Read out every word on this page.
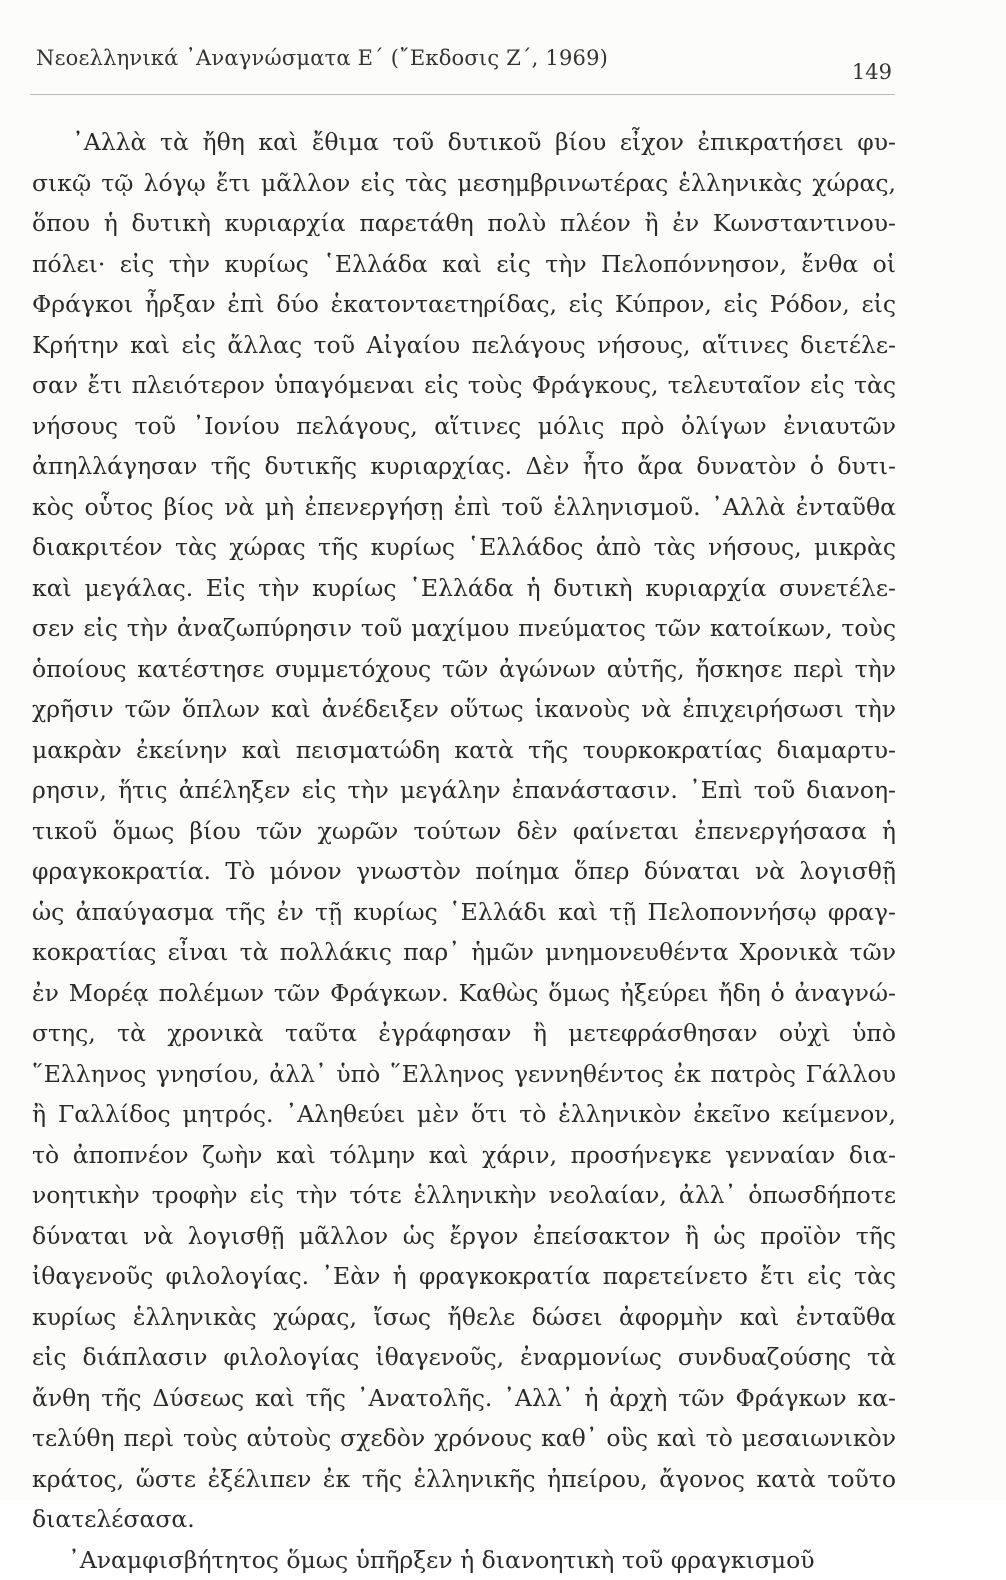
Νεοελληνικά ᾿Αναγνώσματα Ε΄ (῎Εκδοσις Ζ΄, 1969)
149
᾿Αλλὰ τὰ ἤθη καὶ ἔθιμα τοῦ δυτικοῦ βίου εἶχον ἐπικρατήσει φυ-
σικῷ τῷ λόγῳ ἔτι μᾶλλον εἰς τὰς μεσημβρινωτέρας ἑλληνικὰς χώρας,
ὅπου ἡ δυτικὴ κυριαρχία παρετάθη πολὺ πλέον ἢ ἐν Κωνσταντινου-
πόλει· εἰς τὴν κυρίως ῾Ελλάδα καὶ εἰς τὴν Πελοπόννησον, ἔνθα οἱ
Φράγκοι ἦρξαν ἐπὶ δύο ἑκατονταετηρίδας, εἰς Κύπρον, εἰς Ρόδον, εἰς
Κρήτην καὶ εἰς ἄλλας τοῦ Αἰγαίου πελάγους νήσους, αἵτινες διετέλε-
σαν ἔτι πλειότερον ὑπαγόμεναι εἰς τοὺς Φράγκους, τελευταῖον εἰς τὰς
νήσους τοῦ ᾿Ιονίου πελάγους, αἵτινες μόλις πρὸ ὀλίγων ἐνιαυτῶν
ἀπηλλάγησαν τῆς δυτικῆς κυριαρχίας. Δὲν ἦτο ἄρα δυνατὸν ὁ δυτι-
κὸς οὗτος βίος νὰ μὴ ἐπενεργήσῃ ἐπὶ τοῦ ἑλληνισμοῦ. ᾿Αλλὰ ἐνταῦθα
διακριτέον τὰς χώρας τῆς κυρίως ῾Ελλάδος ἀπὸ τὰς νήσους, μικρὰς
καὶ μεγάλας. Εἰς τὴν κυρίως ῾Ελλάδα ἡ δυτικὴ κυριαρχία συνετέλε-
σεν εἰς τὴν ἀναζωπύρησιν τοῦ μαχίμου πνεύματος τῶν κατοίκων, τοὺς
ὁποίους κατέστησε συμμετόχους τῶν ἀγώνων αὐτῆς, ἤσκησε περὶ τὴν
χρῆσιν τῶν ὅπλων καὶ ἀνέδειξεν οὕτως ἱκανοὺς νὰ ἐπιχειρήσωσι τὴν
μακρὰν ἐκείνην καὶ πεισματώδη κατὰ τῆς τουρκοκρατίας διαμαρτυ-
ρησιν, ἥτις ἀπέληξεν εἰς τὴν μεγάλην ἐπανάστασιν. ᾿Επὶ τοῦ διανοη-
τικοῦ ὅμως βίου τῶν χωρῶν τούτων δὲν φαίνεται ἐπενεργήσασα ἡ
φραγκοκρατία. Τὸ μόνον γνωστὸν ποίημα ὅπερ δύναται νὰ λογισθῇ
ὡς ἀπαύγασμα τῆς ἐν τῇ κυρίως ῾Ελλάδι καὶ τῇ Πελοποννήσῳ φραγ-
κοκρατίας εἶναι τὰ πολλάκις παρ᾿ ἡμῶν μνημονευθέντα Χρονικὰ τῶν
ἐν Μορέᾳ πολέμων τῶν Φράγκων. Καθὼς ὅμως ἠξεύρει ἤδη ὁ ἀναγνώ-
στης, τὰ χρονικὰ ταῦτα ἐγράφησαν ἢ μετεφράσθησαν οὐχὶ ὑπὸ
῞Ελληνος γνησίου, ἀλλ᾿ ὑπὸ ῞Ελληνος γεννηθέντος ἐκ πατρὸς Γάλλου
ἢ Γαλλίδος μητρός. ᾿Αληθεύει μὲν ὅτι τὸ ἑλληνικὸν ἐκεῖνο κείμενον,
τὸ ἀποπνέον ζωὴν καὶ τόλμην καὶ χάριν, προσήνεγκε γενναίαν δια-
νοητικὴν τροφὴν εἰς τὴν τότε ἑλληνικὴν νεολαίαν, ἀλλ᾿ ὁπωσδήποτε
δύναται νὰ λογισθῇ μᾶλλον ὡς ἔργον ἐπείσακτον ἢ ὡς προϊὸν τῆς
ἰθαγενοῦς φιλολογίας. ᾿Εὰν ἡ φραγκοκρατία παρετείνετο ἔτι εἰς τὰς
κυρίως ἑλληνικὰς χώρας, ἴσως ἤθελε δώσει ἀφορμὴν καὶ ἐνταῦθα
εἰς διάπλασιν φιλολογίας ἰθαγενοῦς, ἐναρμονίως συνδυαζούσης τὰ
ἄνθη τῆς Δύσεως καὶ τῆς ᾿Ανατολῆς. ᾿Αλλ᾿ ἡ ἀρχὴ τῶν Φράγκων κα-
τελύθη περὶ τοὺς αὐτοὺς σχεδὸν χρόνους καθ᾿ οὓς καὶ τὸ μεσαιωνικὸν
κράτος, ὥστε ἐξέλιπεν ἐκ τῆς ἑλληνικῆς ἠπείρου, ἄγονος κατὰ τοῦτο
διατελέσασα.
᾿Αναμφισβήτητος ὅμως ὑπῆρξεν ἡ διανοητικὴ τοῦ φραγκισμοῦ
